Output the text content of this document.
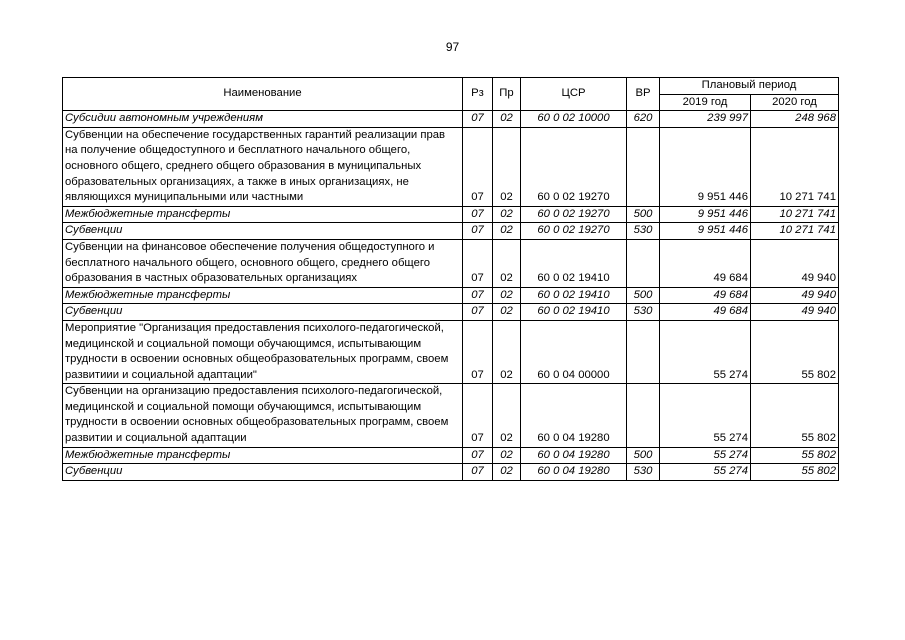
97
Наименование	Рз	Пр	ЦСР	ВР	Плановый период	
					2019 год	2020 год
Субсидии автономным учреждениям	07	02	60 0 02 10000	620	239 997	248 968
Субвенции на обеспечение государственных гарантий реализации прав на получение общедоступного и бесплатного начального общего, основного общего, среднего общего образования в муниципальных образовательных организациях, а также в иных организациях, не являющихся муниципальными или частными	07	02	60 0 02 19270		9 951 446	10 271 741
Межбюджетные трансферты	07	02	60 0 02 19270	500	9 951 446	10 271 741
Субвенции	07	02	60 0 02 19270	530	9 951 446	10 271 741
Субвенции на финансовое обеспечение получения общедоступного и бесплатного начального общего, основного общего, среднего общего образования в частных образовательных организациях	07	02	60 0 02 19410		49 684	49 940
Межбюджетные трансферты	07	02	60 0 02 19410	500	49 684	49 940
Субвенции	07	02	60 0 02 19410	530	49 684	49 940
Мероприятие "Организация предоставления психолого-педагогической, медицинской и социальной помощи обучающимся, испытывающим трудности в освоении основных общеобразовательных программ, своем развитиии и социальной адаптации"	07	02	60 0 04 00000		55 274	55 802
Субвенции на организацию предоставления психолого-педагогической, медицинской и социальной помощи обучающимся, испытывающим трудности в освоении основных общеобразовательных программ, своем развитии и социальной адаптации	07	02	60 0 04 19280		55 274	55 802
Межбюджетные трансферты	07	02	60 0 04 19280	500	55 274	55 802
Субвенции	07	02	60 0 04 19280	530	55 274	55 802
